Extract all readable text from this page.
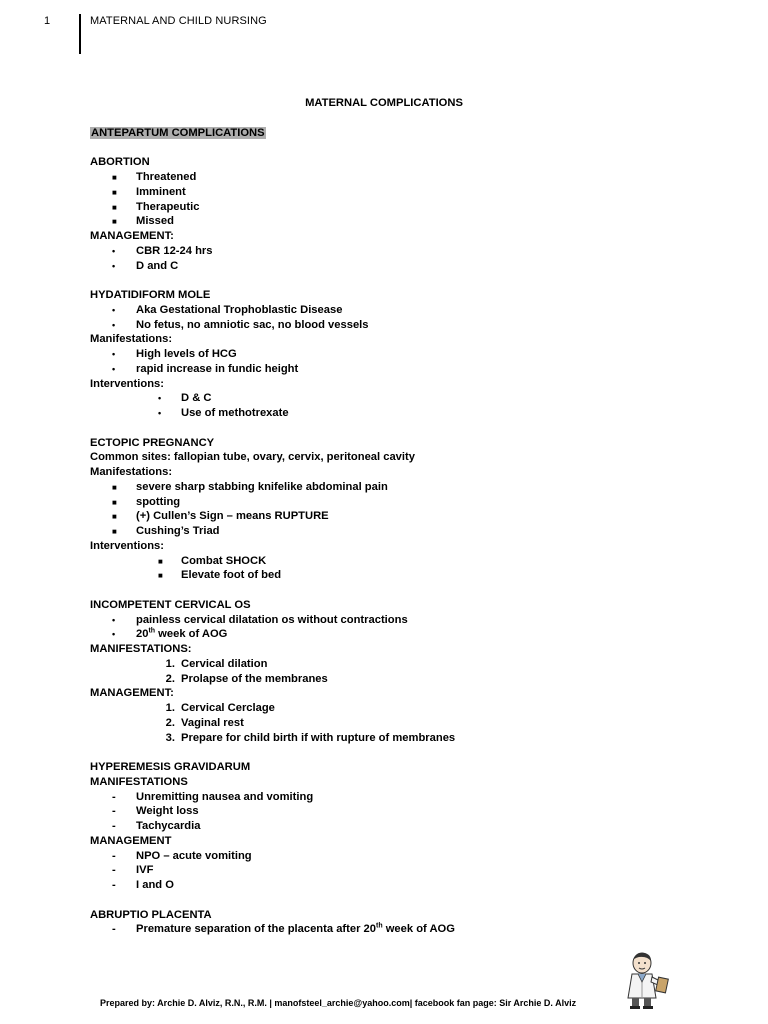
1	MATERNAL AND CHILD NURSING
MATERNAL COMPLICATIONS
ANTEPARTUM COMPLICATIONS
ABORTION
■ Threatened
■ Imminent
■ Therapeutic
■ Missed
MANAGEMENT:
• CBR 12-24 hrs
• D and C
HYDATIDIFORM MOLE
• Aka Gestational Trophoblastic Disease
• No fetus, no amniotic sac, no blood vessels
Manifestations:
• High levels of HCG
• rapid increase in fundic height
Interventions:
• D & C
• Use of methotrexate
ECTOPIC PREGNANCY
Common sites: fallopian tube, ovary, cervix, peritoneal cavity
Manifestations:
■ severe sharp stabbing knifelike abdominal pain
■ spotting
■ (+) Cullen’s Sign – means RUPTURE
■ Cushing’s Triad
Interventions:
■ Combat SHOCK
■ Elevate foot of bed
INCOMPETENT CERVICAL OS
• painless cervical dilatation os without contractions
• 20th week of AOG
MANIFESTATIONS:
1. Cervical dilation
2. Prolapse of the membranes
MANAGEMENT:
1. Cervical Cerclage
2. Vaginal rest
3. Prepare for child birth if with rupture of membranes
HYPEREMESIS GRAVIDARUM
MANIFESTATIONS
- Unremitting nausea and vomiting
- Weight loss
- Tachycardia
MANAGEMENT
- NPO – acute vomiting
- IVF
- I and O
ABRUPTIO PLACENTA
- Premature separation of the placenta after 20th week of AOG
Prepared by: Archie D. Alviz, R.N., R.M. | manofsteel_archie@yahoo.com| facebook fan page: Sir Archie D. Alviz
